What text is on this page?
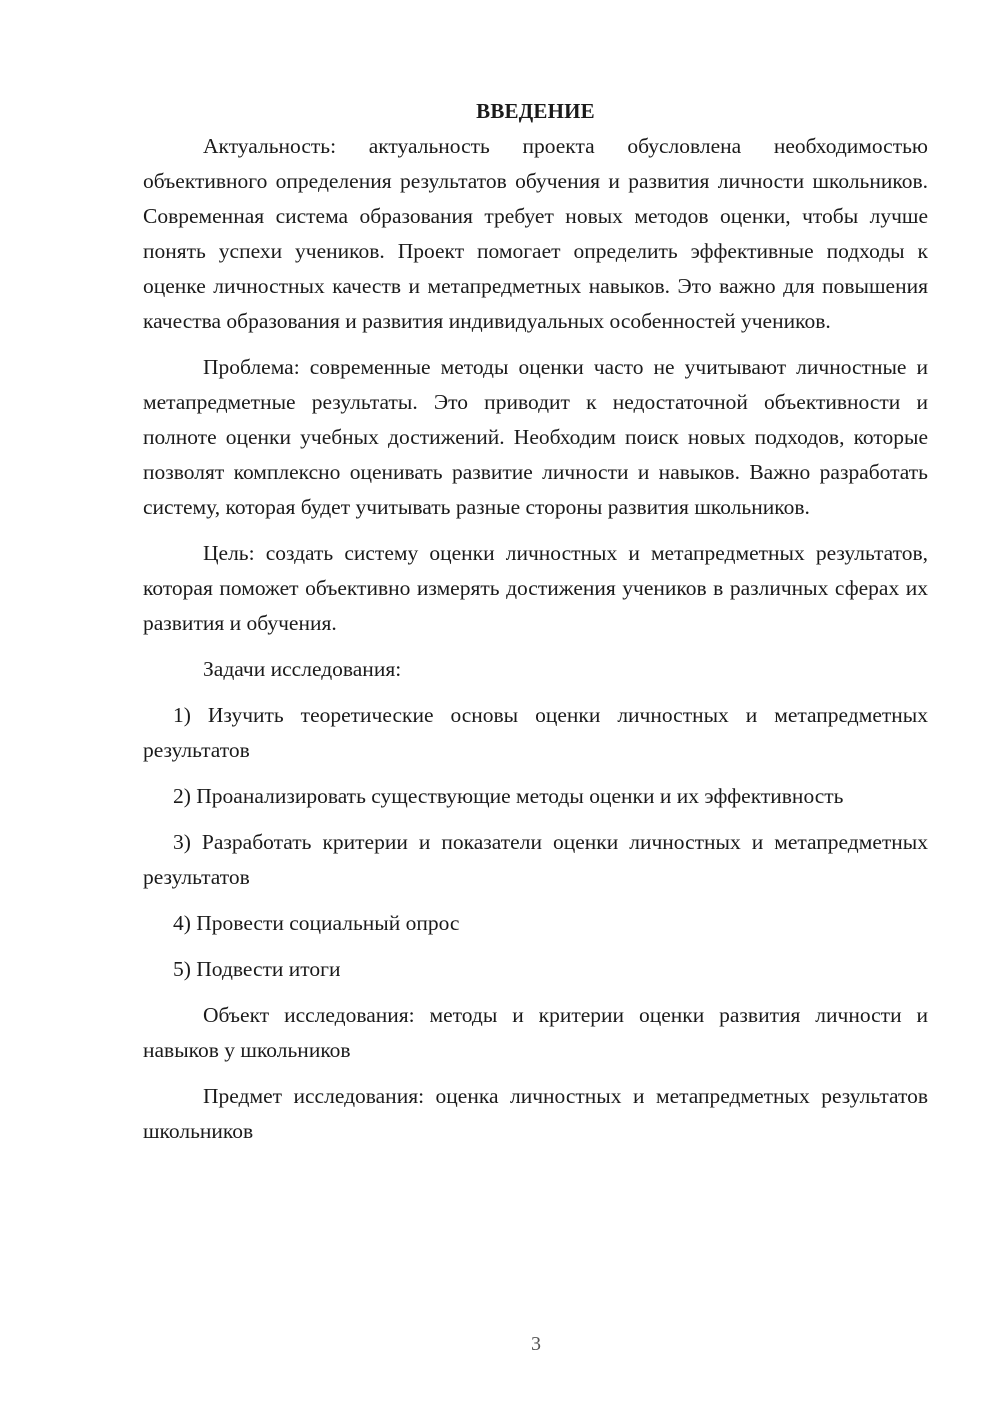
ВВЕДЕНИЕ

Актуальность: актуальность проекта обусловлена необходимостью объективного определения результатов обучения и развития личности школьников. Современная система образования требует новых методов оценки, чтобы лучше понять успехи учеников. Проект помогает определить эффективные подходы к оценке личностных качеств и метапредметных навыков. Это важно для повышения качества образования и развития индивидуальных особенностей учеников.

Проблема: современные методы оценки часто не учитывают личностные и метапредметные результаты. Это приводит к недостаточной объективности и полноте оценки учебных достижений. Необходим поиск новых подходов, которые позволят комплексно оценивать развитие личности и навыков. Важно разработать систему, которая будет учитывать разные стороны развития школьников.

Цель: создать систему оценки личностных и метапредметных результатов, которая поможет объективно измерять достижения учеников в различных сферах их развития и обучения.

Задачи исследования:

1) Изучить теоретические основы оценки личностных и метапредметных результатов

2) Проанализировать существующие методы оценки и их эффективность

3) Разработать критерии и показатели оценки личностных и метапредметных результатов

4) Провести социальный опрос

5) Подвести итоги

Объект исследования: методы и критерии оценки развития личности и навыков у школьников

Предмет исследования: оценка личностных и метапредметных результатов школьников

3
